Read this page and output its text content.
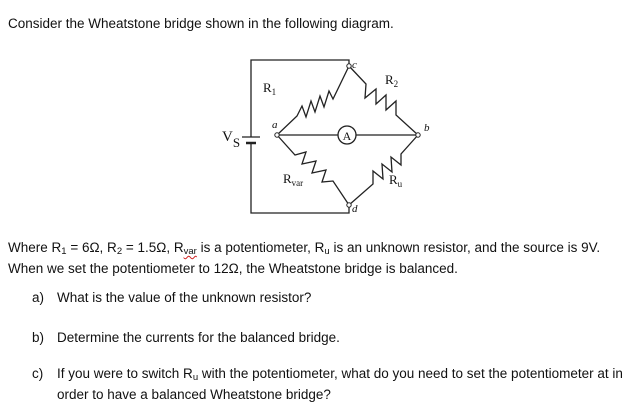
Consider the Wheatstone bridge shown in the following diagram.
A
a	b
c
d
$R_1$
$R_2$
$R_{var}$	$R_u$
VS
Where $R_1 = 6\Omega$, $R_2 = 1.5\Omega$, Rvar is a potentiometer, $R_u$ is an unknown resistor, and the source is 9V. When we set the potentiometer to 12Ω, the Wheatstone bridge is balanced.
a) What is the value of the unknown resistor?
b) Determine the currents for the balanced bridge.
c) If you were to switch $R_u$ with the potentiometer, what do you need to set the potentiometer at in order to have a balanced Wheatstone bridge?
